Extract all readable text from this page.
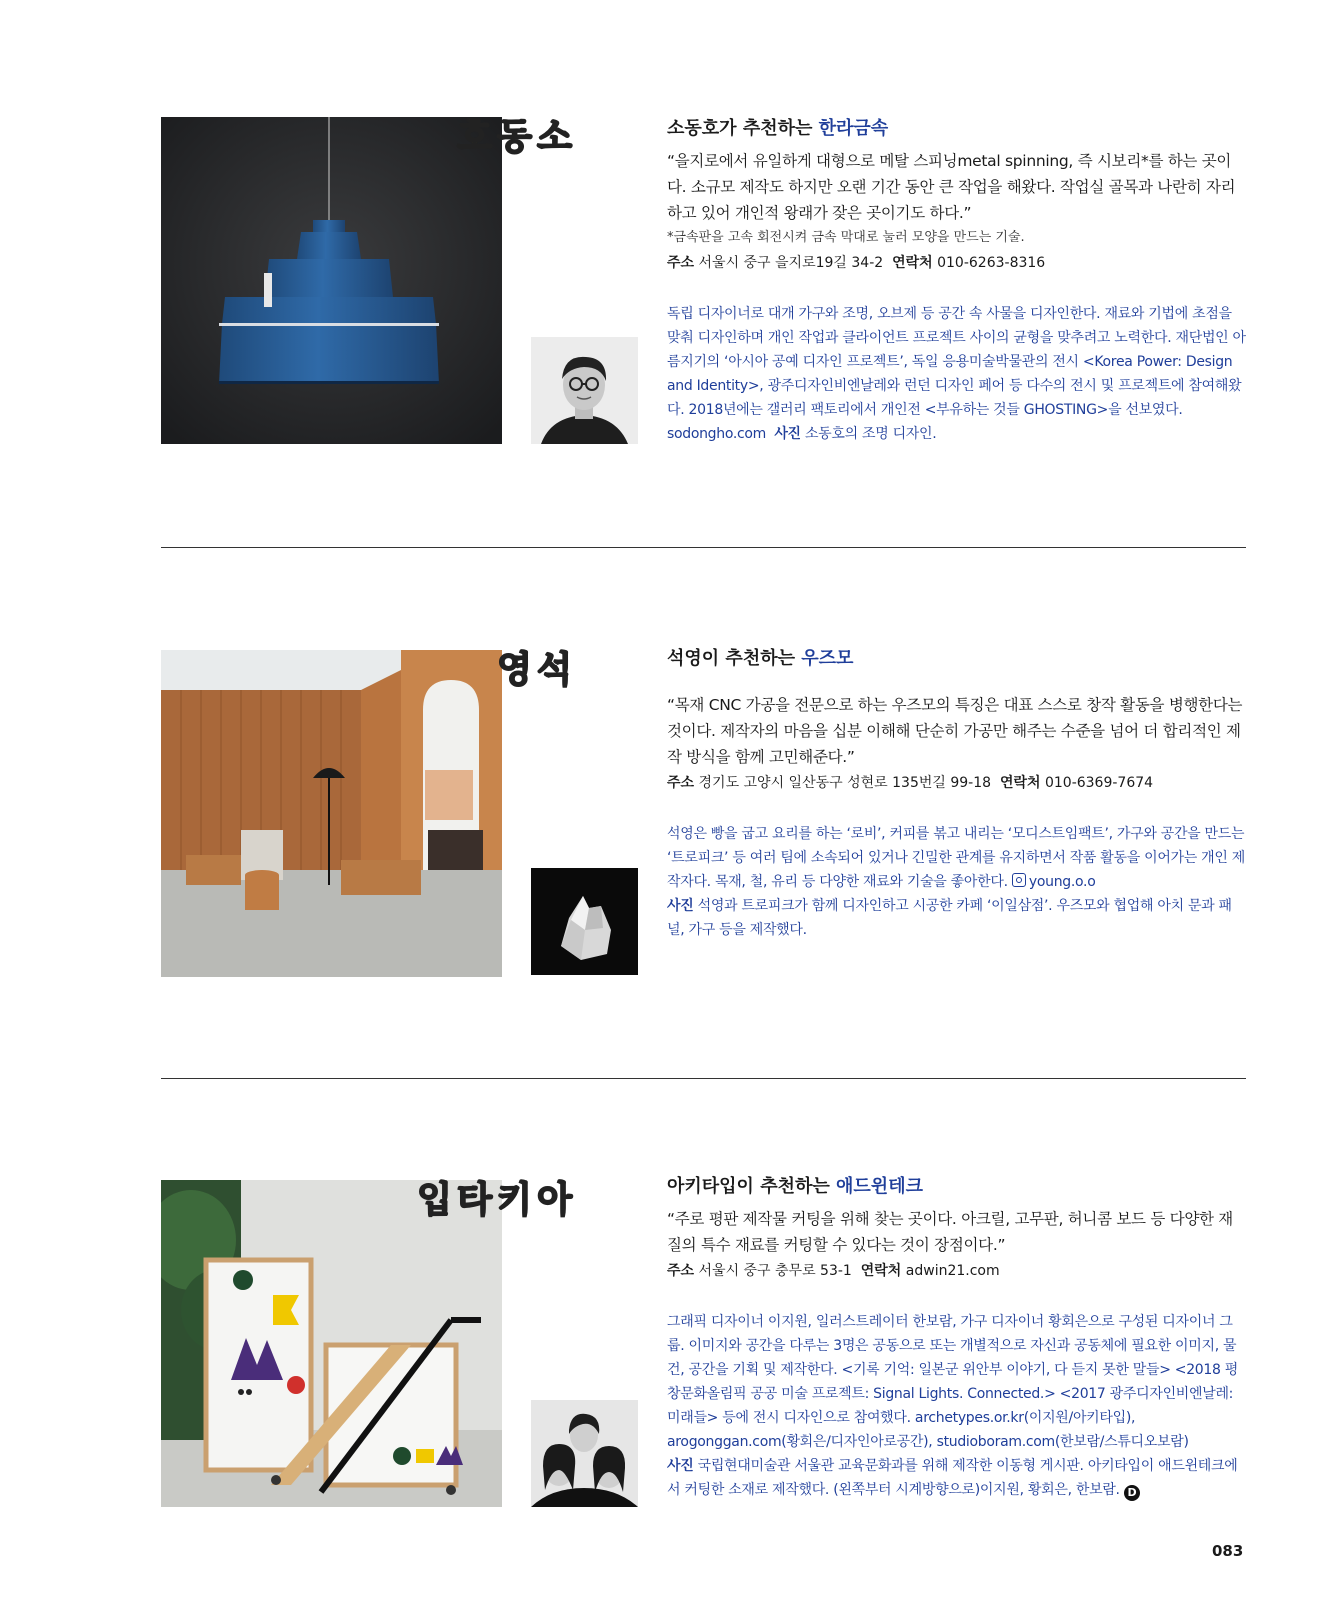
소동호	소동호가 추천하는 한라금속

“을지로에서 유일하게 대형으로 메탈 스피닝metal spinning, 즉 시보리*를 하는 곳이다. 소규모 제작도 하지만 오랜 기간 동안 큰 작업을 해왔다. 작업실 골목과 나란히 자리하고 있어 개인적 왕래가 잦은 곳이기도 하다.”

*금속판을 고속 회전시켜 금속 막대로 눌러 모양을 만드는 기술.

주소 서울시 중구 을지로19길 34-2 연락처 010-6263-8316

독립 디자이너로 대개 가구와 조명, 오브제 등 공간 속 사물을 디자인한다. 재료와 기법에 초점을 맞춰 디자인하며 개인 작업과 클라이언트 프로젝트 사이의 균형을 맞추려고 노력한다. 재단법인 아름지기의 ‘아시아 공예 디자인 프로젝트’, 독일 응용미술박물관의 전시 <Korea Power: Design and Identity>, 광주디자인비엔날레와 런던 디자인 페어 등 다수의 전시 및 프로젝트에 참여해왔다. 2018년에는 갤러리 팩토리에서 개인전 <부유하는 것들 GHOSTING>을 선보였다.
sodongho.com 사진 소동호의 조명 디자인.

석영	석영이 추천하는 우즈모

“목재 CNC 가공을 전문으로 하는 우즈모의 특징은 대표 스스로 창작 활동을 병행한다는 것이다. 제작자의 마음을 십분 이해해 단순히 가공만 해주는 수준을 넘어 더 합리적인 제작 방식을 함께 고민해준다.”

주소 경기도 고양시 일산동구 성현로 135번길 99-18 연락처 010-6369-7674

석영은 빵을 굽고 요리를 하는 ‘로비’, 커피를 볶고 내리는 ‘모디스트임팩트’, 가구와 공간을 만드는 ‘트로피크’ 등 여러 팀에 소속되어 있거나 긴밀한 관계를 유지하면서 작품 활동을 이어가는 개인 제작자다. 목재, 철, 유리 등 다양한 재료와 기술을 좋아한다. young.o.o
사진 석영과 트로피크가 함께 디자인하고 시공한 카페 ‘이일삼점’. 우즈모와 협업해 아치 문과 패널, 가구 등을 제작했다.

아키타입	아키타입이 추천하는 애드윈테크

“주로 평판 제작물 커팅을 위해 찾는 곳이다. 아크릴, 고무판, 허니콤 보드 등 다양한 재질의 특수 재료를 커팅할 수 있다는 것이 장점이다.”

주소 서울시 중구 충무로 53-1 연락처 adwin21.com

그래픽 디자이너 이지원, 일러스트레이터 한보람, 가구 디자이너 황회은으로 구성된 디자이너 그룹. 이미지와 공간을 다루는 3명은 공동으로 또는 개별적으로 자신과 공동체에 필요한 이미지, 물건, 공간을 기획 및 제작한다. <기록 기억: 일본군 위안부 이야기, 다 듣지 못한 말들> <2018 평창문화올림픽 공공 미술 프로젝트: Signal Lights. Connected.> <2017 광주디자인비엔날레: 미래들> 등에 전시 디자인으로 참여했다. archetypes.or.kr(이지원/아키타입), arogonggan.com(황회은/디자인아로공간), studioboram.com(한보람/스튜디오보람)
사진 국립현대미술관 서울관 교육문화과를 위해 제작한 이동형 게시판. 아키타입이 애드윈테크에서 커팅한 소재로 제작했다. (왼쪽부터 시계방향으로)이지원, 황회은, 한보람. D

083
